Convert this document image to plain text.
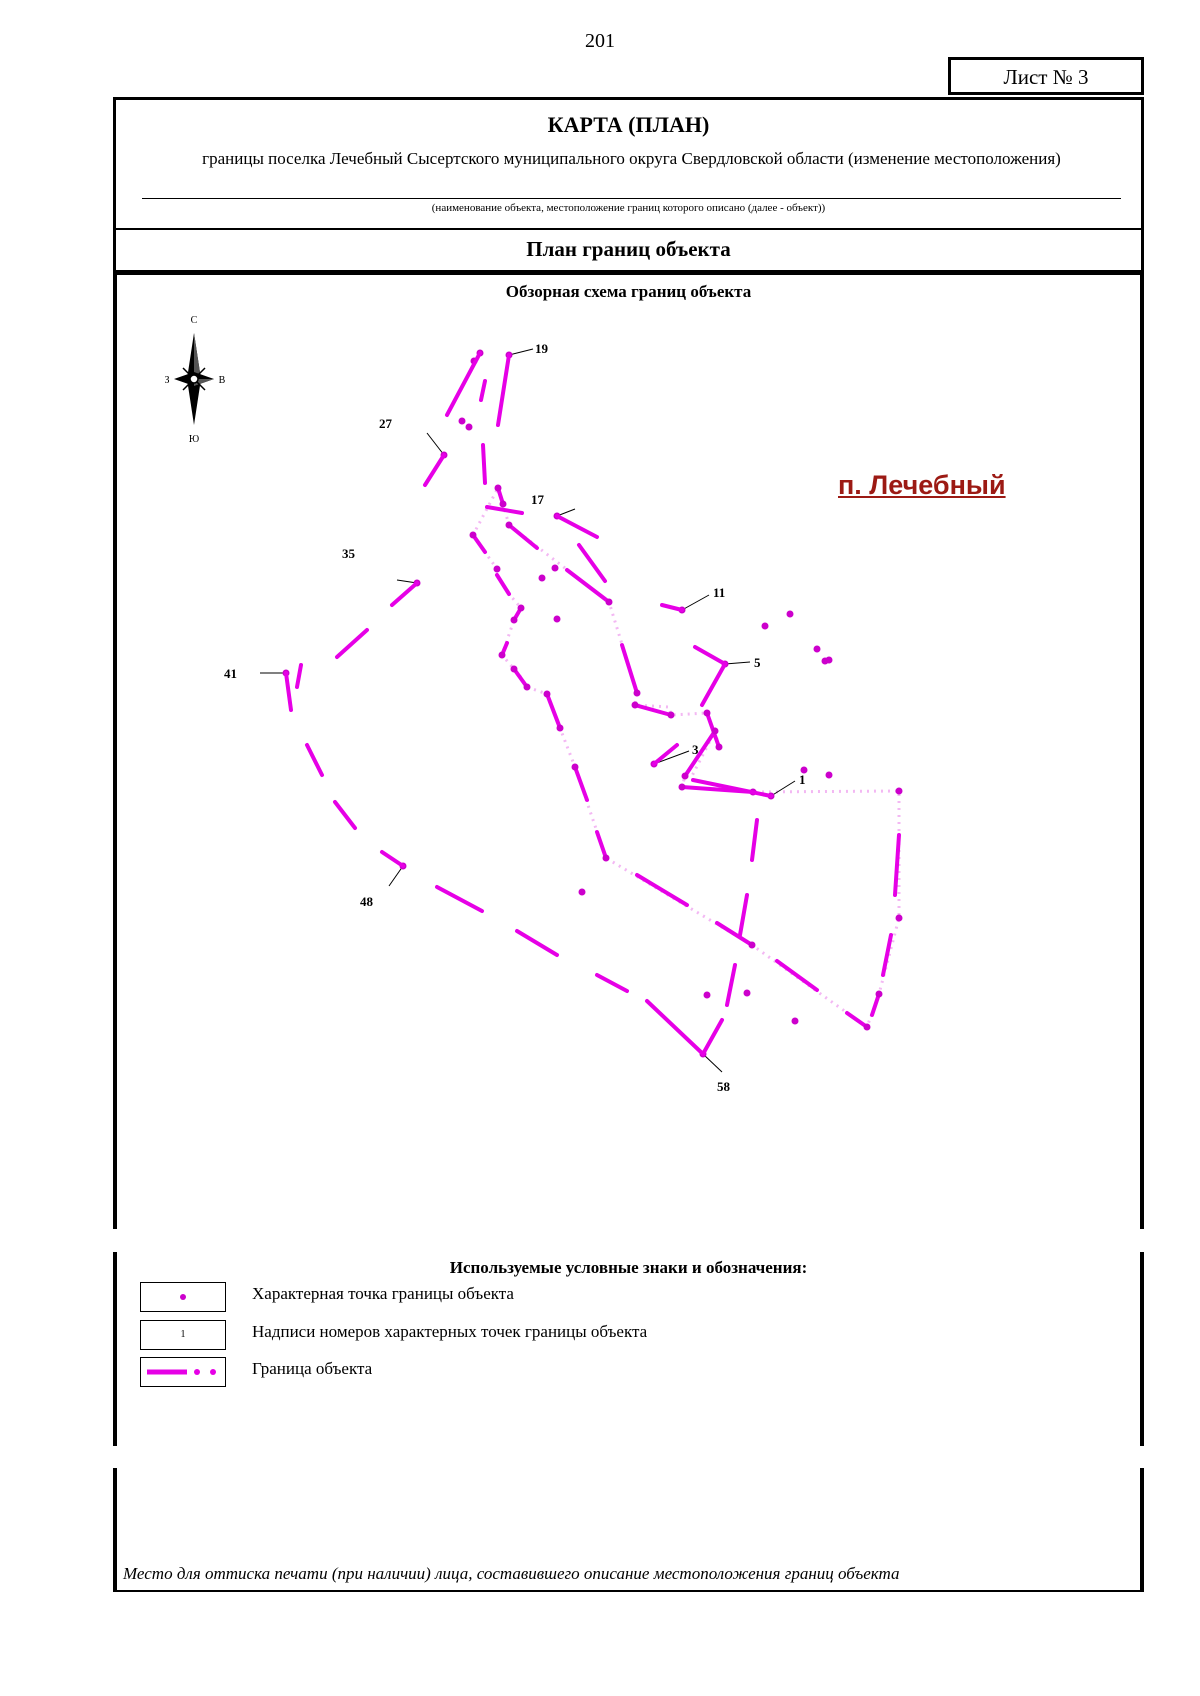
201
Лист № 3
КАРТА (ПЛАН)
границы поселка Лечебный Сысертского муниципального округа Свердловской области (изменение местоположения)
(наименование объекта, местоположение границ которого описано (далее - объект))
План границ объекта
Обзорная схема границ объекта
п. Лечебный
С
Ю
З	В
19
27
17
35
11
5
41
3
1
48
58
Используемые условные знаки и обозначения:
Характерная точка границы объекта
1	Надписи номеров характерных точек границы объекта
Граница объекта
Место для оттиска печати (при наличии) лица, составившего описание местоположения границ объекта
